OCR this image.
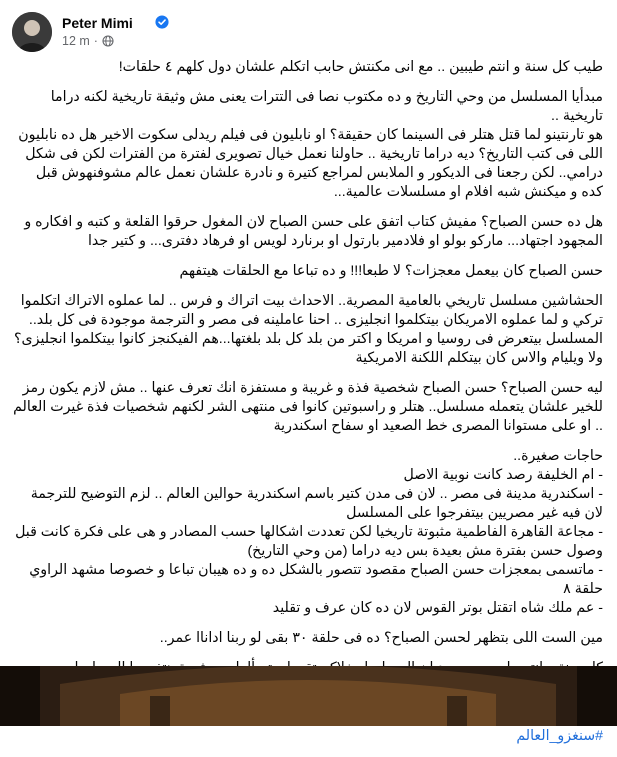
Peter Mimi
12 m ·

طيب كل سنة و انتم طيبين .. مع انى مكنتش حابب اتكلم علشان دول كلهم ٤ حلقات!

مبدأيا المسلسل من وحي التاريخ و ده مكتوب نصا فى التترات يعنى مش وثيقة تاريخية لكنه دراما تاريخية ..
هو تارنتينو لما قتل هتلر فى السينما كان حقيقة؟ او نابليون فى فيلم ريدلى سكوت الاخير هل ده نابليون اللى فى كتب التاريخ؟ ديه دراما تاريخية .. حاولنا نعمل خيال تصويرى لفترة من الفترات لكن فى شكل درامي.. لكن رجعنا فى الديكور و الملابس لمراجع كتيرة و نادرة علشان نعمل عالم مشوفنهوش قبل كده و ميكنش شبه افلام او مسلسلات عالمية...

هل ده حسن الصباح؟ مفيش كتاب اتفق على حسن الصباح لان المغول حرقوا القلعة و كتبه و افكاره و المجهود اجتهاد... ماركو بولو او فلادمير بارتول او برنارد لويس او فرهاد دفترى... و كتير جدا

حسن الصباح كان بيعمل معجزات؟ لا طبعا!!! و ده تباعا مع الحلقات هيتفهم

الحشاشين مسلسل تاريخي بالعامية المصرية.. الاحداث بيت اتراك و فرس .. لما عملوه الاتراك اتكلموا تركي و لما عملوه الامريكان بيتكلموا انجليزى .. احنا عاملينه فى مصر و الترجمة موجودة فى كل بلد.. المسلسل بيتعرض فى روسيا و امريكا و اكتر من بلد كل بلد بلغتها...هم الفيكنجز كانوا بيتكلموا انجليزى؟ ولا ويليام والاس كان بيتكلم اللكنة الامريكية

ليه حسن الصباح؟ حسن الصباح شخصية فذة و غريبة و مستفزة انك تعرف عنها .. مش لازم يكون رمز للخير علشان يتعمله مسلسل.. هتلر و راسبوتين كانوا فى منتهى الشر لكنهم شخصيات فذة غيرت العالم .. او على مستوانا المصرى خط الصعيد او سفاح اسكندرية

حاجات صغيرة..
- ام الخليفة رصد كانت نوبية الاصل
- اسكندرية مدينة فى مصر .. لان فى مدن كتير باسم اسكندرية حوالين العالم .. لزم التوضيح للترجمة لان فيه غير مصريين بيتفرجوا على المسلسل
- مجاعة القاهرة الفاطمية مثبوتة تاريخيا لكن تعددت اشكالها حسب المصادر و هى على فكرة كانت قبل وصول حسن بفترة مش بعيدة بس ديه دراما (من وحي التاريخ)
- ماتسمى بمعجزات حسن الصباح مقصود تتصور بالشكل ده و ده هيبان تباعا و خصوصا مشهد الراوي حلقة ٨
- عم ملك شاه اتقتل بوتر القوس لان ده كان عرف و تقليد

مين الست اللى بتظهر لحسن الصباح؟ ده فى حلقة ٣٠ بقى لو ربنا اداناا عمر..

#سنغزو_العالم
